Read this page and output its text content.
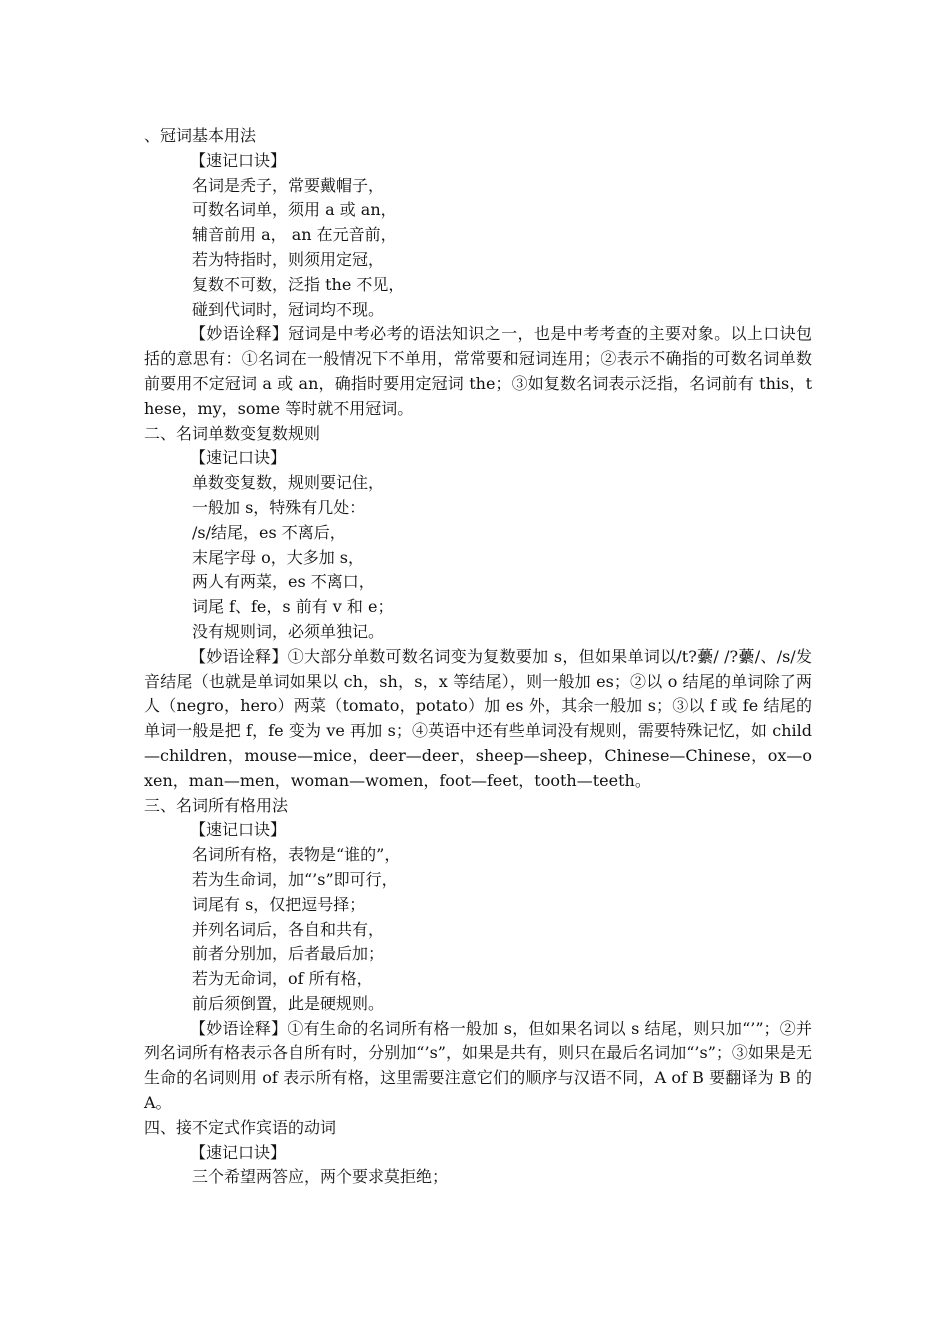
、冠词基本用法
【速记口诀】
名词是秃子，常要戴帽子，
可数名词单，须用 a 或 an，
辅音前用 a， an 在元音前，
若为特指时，则须用定冠，
复数不可数，泛指 the 不见，
碰到代词时，冠词均不现。
【妙语诠释】冠词是中考必考的语法知识之一，也是中考考查的主要对象。以上口诀包括的意思有：①名词在一般情况下不单用，常常要和冠词连用；②表示不确指的可数名词单数前要用不定冠词 a 或 an，确指时要用定冠词 the；③如复数名词表示泛指，名词前有 this，these，my，some 等时就不用冠词。
二、名词单数变复数规则
【速记口诀】
单数变复数，规则要记住，
一般加 s，特殊有几处：
/s/结尾，es 不离后，
末尾字母 o，大多加 s，
两人有两菜，es 不离口，
词尾 f、fe，s 前有 v 和 e；
没有规则词，必须单独记。
【妙语诠释】①大部分单数可数名词变为复数要加 s，但如果单词以/t?虆/ /?虆/、/s/发音结尾（也就是单词如果以 ch，sh，s，x 等结尾），则一般加 es；②以 o 结尾的单词除了两人（negro，hero）两菜（tomato，potato）加 es 外，其余一般加 s；③以 f 或 fe 结尾的单词一般是把 f，fe 变为 ve 再加 s；④英语中还有些单词没有规则，需要特殊记忆，如 child—children，mouse—mice，deer—deer，sheep—sheep，Chinese—Chinese，ox—oxen，man—men，woman—women，foot—feet，tooth—teeth。
三、名词所有格用法
【速记口诀】
名词所有格，表物是“谁的”，
若为生命词，加“’s”即可行，
词尾有 s，仅把逗号择；
并列名词后，各自和共有，
前者分别加，后者最后加；
若为无命词，of 所有格，
前后须倒置，此是硬规则。
【妙语诠释】①有生命的名词所有格一般加 s，但如果名词以 s 结尾，则只加“’”；②并列名词所有格表示各自所有时，分别加“’s”，如果是共有，则只在最后名词加“’s”；③如果是无生命的名词则用 of 表示所有格，这里需要注意它们的顺序与汉语不同，A of B 要翻译为 B 的 A。
四、接不定式作宾语的动词
【速记口诀】
三个希望两答应，两个要求莫拒绝；
